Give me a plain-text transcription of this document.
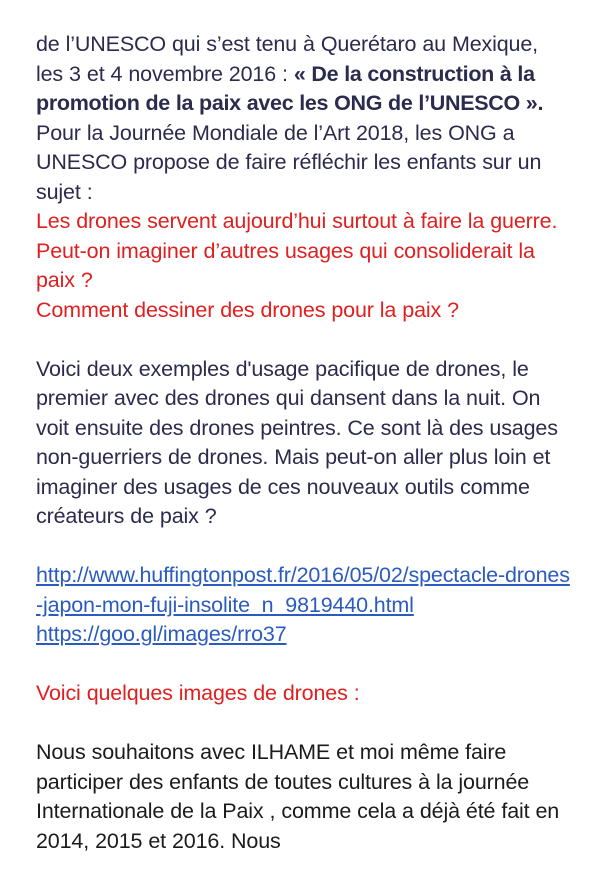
de l’UNESCO qui s’est tenu à Querétaro au Mexique, les 3 et 4 novembre 2016 : « De la construction à la promotion de la paix avec les ONG de l’UNESCO ».

Pour la Journée Mondiale de l’Art 2018, les ONG a UNESCO propose de faire réfléchir les enfants sur un sujet :

Les drones servent aujourd’hui surtout à faire la guerre. Peut-on imaginer d’autres usages qui consoliderait la paix ?

Comment dessiner des drones pour la paix ?

Voici deux exemples d'usage pacifique de drones, le premier avec des drones qui dansent dans la nuit. On voit ensuite des drones peintres. Ce sont là des usages non-guerriers de drones. Mais peut-on aller plus loin et imaginer des usages de ces nouveaux outils comme créateurs de paix ?

http://www.huffingtonpost.fr/2016/05/02/spectacle-drones-japon-mon-fuji-insolite_n_9819440.html
https://goo.gl/images/rro37

Voici quelques images de drones :

Nous souhaitons avec ILHAME et moi même faire participer des enfants de toutes cultures à la journée Internationale de la Paix , comme cela a déjà été fait en 2014, 2015 et 2016. Nous
